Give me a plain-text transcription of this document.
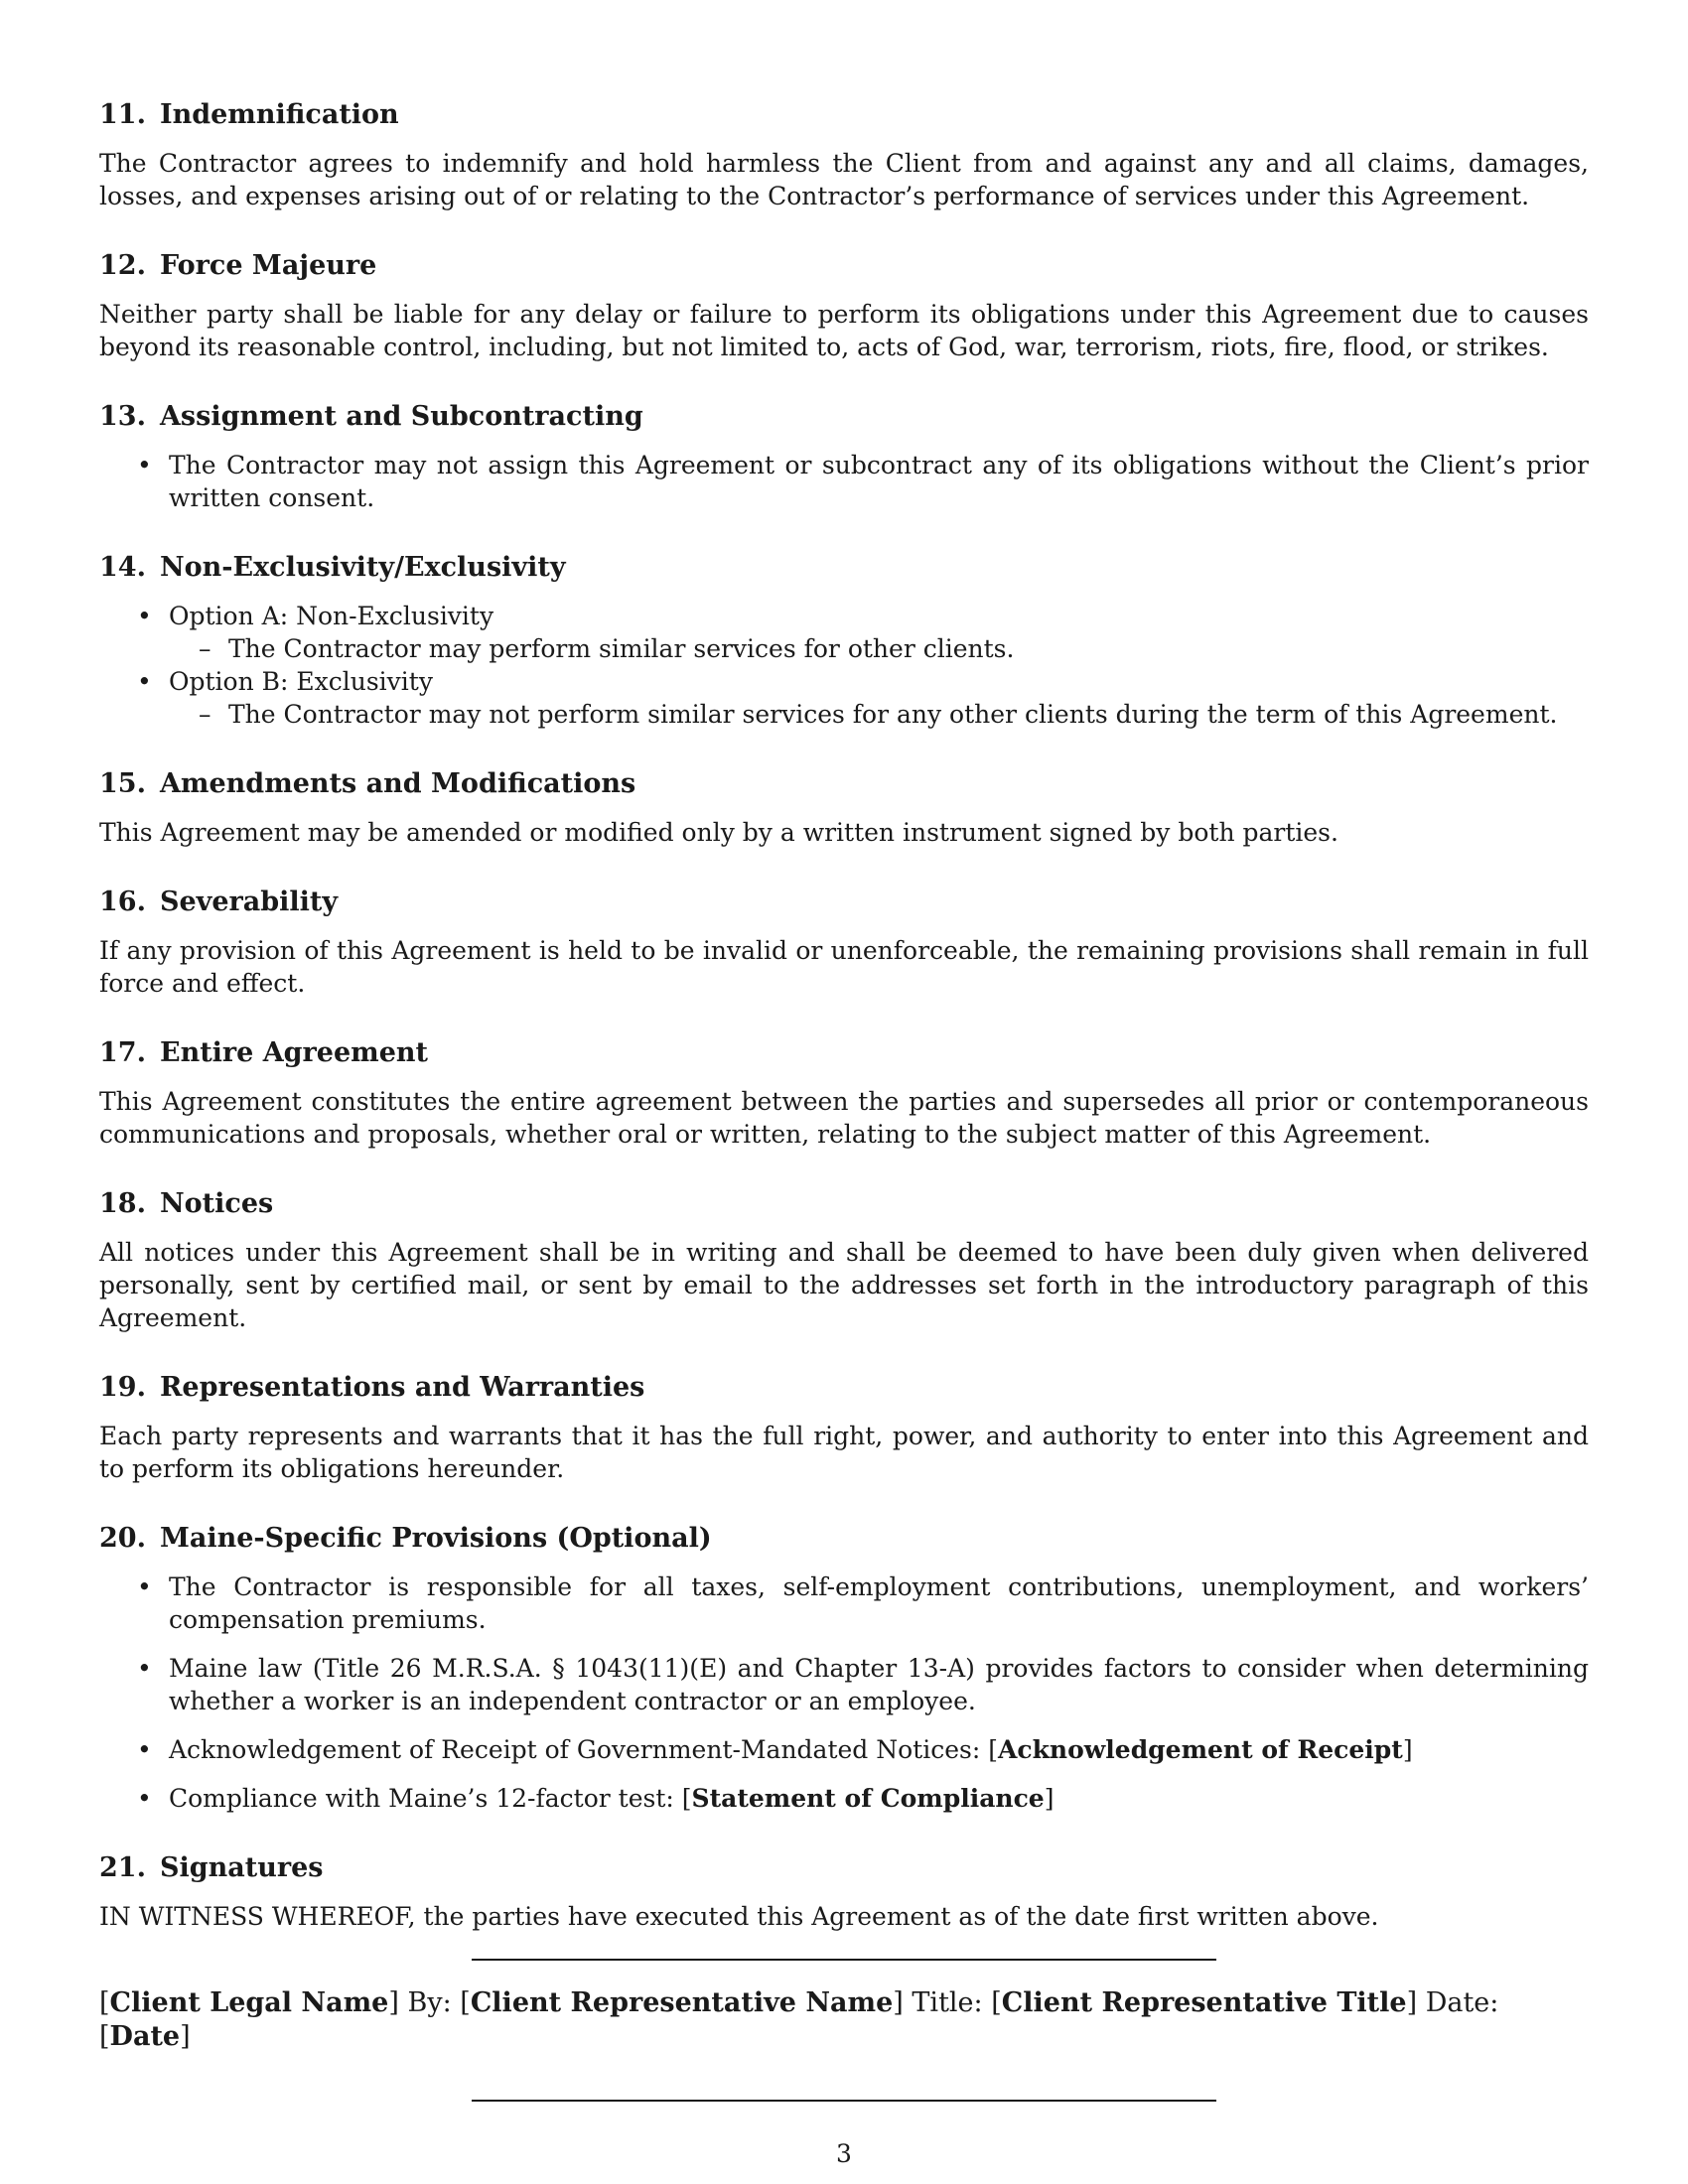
11. Indemnification

The Contractor agrees to indemnify and hold harmless the Client from and against any and all claims, damages, losses, and expenses arising out of or relating to the Contractor’s performance of services under this Agreement.

12. Force Majeure

Neither party shall be liable for any delay or failure to perform its obligations under this Agreement due to causes beyond its reasonable control, including, but not limited to, acts of God, war, terrorism, riots, fire, flood, or strikes.

13. Assignment and Subcontracting
• The Contractor may not assign this Agreement or subcontract any of its obligations without the Client’s prior written consent.
14. Non-Exclusivity/Exclusivity
• Option A: Non-Exclusivity
– The Contractor may perform similar services for other clients.
• Option B: Exclusivity
– The Contractor may not perform similar services for any other clients during the term of this Agreement.
15. Amendments and Modifications

This Agreement may be amended or modified only by a written instrument signed by both parties.

16. Severability

If any provision of this Agreement is held to be invalid or unenforceable, the remaining provisions shall remain in full force and effect.

17. Entire Agreement

This Agreement constitutes the entire agreement between the parties and supersedes all prior or contemporaneous communications and proposals, whether oral or written, relating to the subject matter of this Agreement.

18. Notices

All notices under this Agreement shall be in writing and shall be deemed to have been duly given when delivered personally, sent by certified mail, or sent by email to the addresses set forth in the introductory paragraph of this Agreement.

19. Representations and Warranties

Each party represents and warrants that it has the full right, power, and authority to enter into this Agreement and to perform its obligations hereunder.

20. Maine-Specific Provisions (Optional)
• The Contractor is responsible for all taxes, self-employment contributions, unemployment, and workers’ compensation premiums.
• Maine law (Title 26 M.R.S.A. § 1043(11)(E) and Chapter 13-A) provides factors to consider when determining whether a worker is an independent contractor or an employee.
• Acknowledgement of Receipt of Government-Mandated Notices: [Acknowledgement of Receipt]
• Compliance with Maine’s 12-factor test: [Statement of Compliance]
21. Signatures

IN WITNESS WHEREOF, the parties have executed this Agreement as of the date first written above.

[Client Legal Name] By: [Client Representative Name] Title: [Client Representative Title] Date: [Date]
3
